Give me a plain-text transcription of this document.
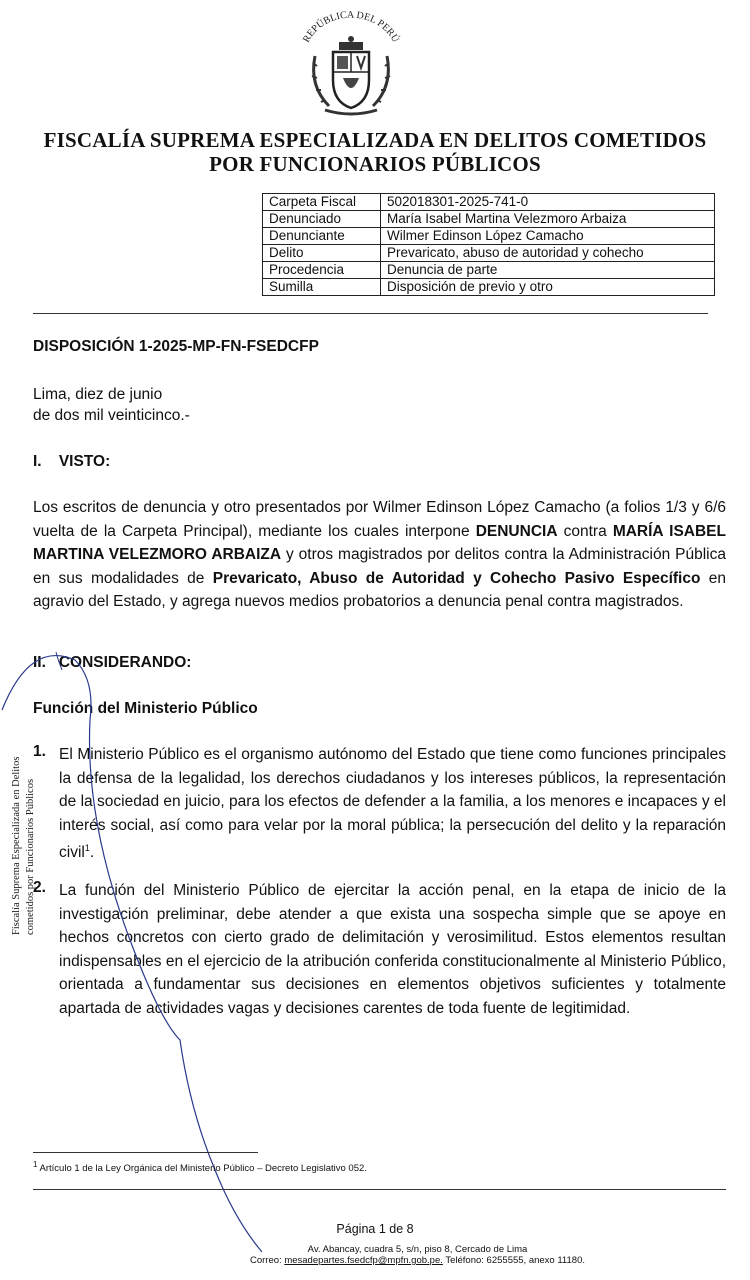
REPÚBLICA DEL PERÚ
FISCALÍA SUPREMA ESPECIALIZADA EN DELITOS COMETIDOS
POR FUNCIONARIOS PÚBLICOS
Carpeta Fiscal	502018301-2025-741-0
Denunciado	María Isabel Martina Velezmoro Arbaiza
Denunciante	Wilmer Edinson López Camacho
Delito	Prevaricato, abuso de autoridad y cohecho
Procedencia	Denuncia de parte
Sumilla	Disposición de previo y otro
DISPOSICIÓN 1-2025-MP-FN-FSEDCFP
Lima, diez de junio
de dos mil veinticinco.-
I.    VISTO:
Los escritos de denuncia y otro presentados por Wilmer Edinson López Camacho (a folios 1/3 y 6/6 vuelta de la Carpeta Principal), mediante los cuales interpone DENUNCIA contra MARÍA ISABEL MARTINA VELEZMORO ARBAIZA y otros magistrados por delitos contra la Administración Pública en sus modalidades de Prevaricato, Abuso de Autoridad y Cohecho Pasivo Específico en agravio del Estado, y agrega nuevos medios probatorios a denuncia penal contra magistrados.
II.   CONSIDERANDO:
Función del Ministerio Público
1. El Ministerio Público es el organismo autónomo del Estado que tiene como funciones principales la defensa de la legalidad, los derechos ciudadanos y los intereses públicos, la representación de la sociedad en juicio, para los efectos de defender a la familia, a los menores e incapaces y el interés social, así como para velar por la moral pública; la persecución del delito y la reparación civil$^1$.
2. La función del Ministerio Público de ejercitar la acción penal, en la etapa de inicio de la investigación preliminar, debe atender a que exista una sospecha simple que se apoye en hechos concretos con cierto grado de delimitación y verosimilitud. Estos elementos resultan indispensables en el ejercicio de la atribución conferida constitucionalmente al Ministerio Público, orientada a fundamentar sus decisiones en elementos objetivos suficientes y totalmente apartada de actividades vagas y decisiones carentes de toda fuente de legitimidad.
Fiscalía Suprema Especializada en Delitos cometidos por Funcionarios Públicos
$^1$ Artículo 1 de la Ley Orgánica del Ministerio Público – Decreto Legislativo 052.
Página 1 de 8
Av. Abancay, cuadra 5, s/n, piso 8, Cercado de Lima
Correo: mesadepartes.fsedcfp@mpfn.gob.pe. Teléfono: 6255555, anexo 11180.
